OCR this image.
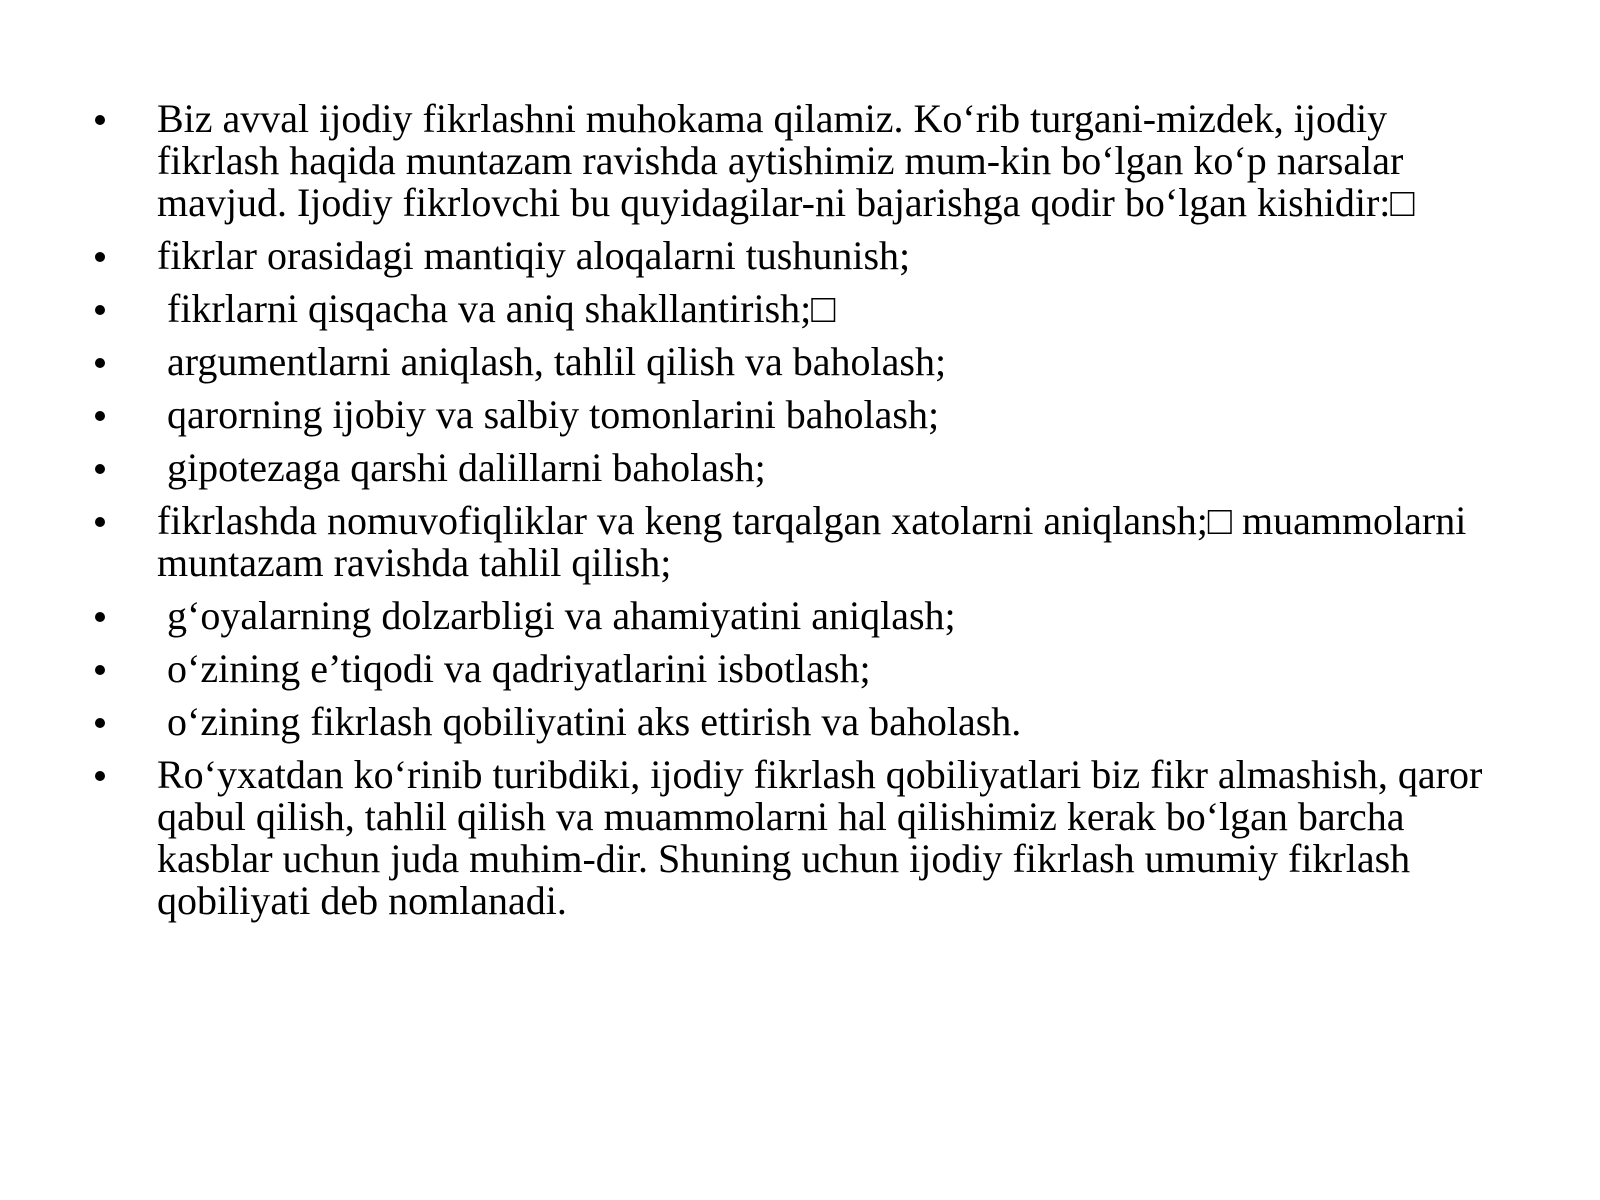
Biz avval ijodiy fikrlashni muhokama qilamiz. Ko‘rib turgani-mizdek, ijodiy fikrlash haqida muntazam ravishda aytishimiz mum-kin bo‘lgan ko‘p narsalar mavjud. Ijodiy fikrlovchi bu quyidagilar-ni bajarishga qodir bo‘lgan kishidir:□
fikrlar orasidagi mantiqiy aloqalarni tushunish;
fikrlarni qisqacha va aniq shakllantirish;□
argumentlarni aniqlash, tahlil qilish va baholash;
qarorning ijobiy va salbiy tomonlarini baholash;
gipotezaga qarshi dalillarni baholash;
fikrlashda nomuvofiqliklar va keng tarqalgan xatolarni aniqlansh;□ muammolarni muntazam ravishda tahlil qilish;
g‘oyalarning dolzarbligi va ahamiyatini aniqlash;
o‘zining e’tiqodi va qadriyatlarini isbotlash;
o‘zining fikrlash qobiliyatini aks ettirish va baholash.
Ro‘yxatdan ko‘rinib turibdiki, ijodiy fikrlash qobiliyatlari biz fikr almashish, qaror qabul qilish, tahlil qilish va muammolarni hal qilishimiz kerak bo‘lgan barcha kasblar uchun juda muhim-dir. Shuning uchun ijodiy fikrlash umumiy fikrlash qobiliyati deb nomlanadi.
